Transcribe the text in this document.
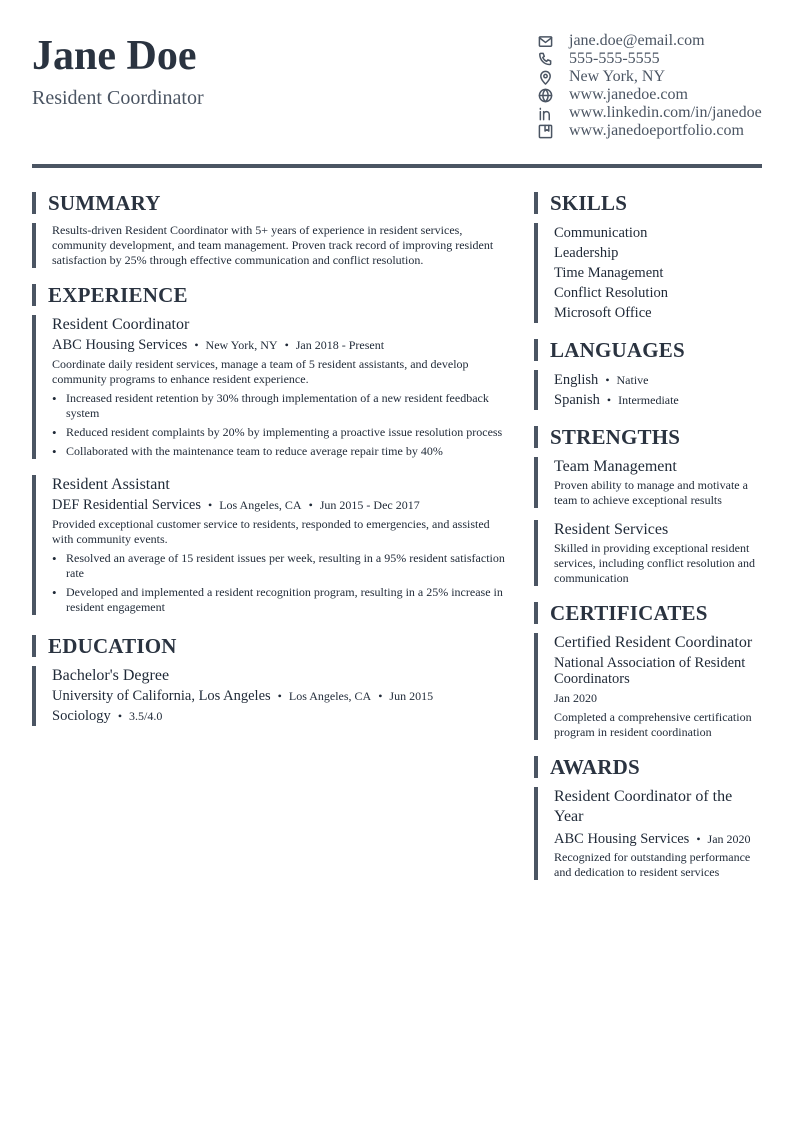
Jane Doe
Resident Coordinator
jane.doe@email.com
555-555-5555
New York, NY
www.janedoe.com
www.linkedin.com/in/janedoe
www.janedoeportfolio.com
SUMMARY
Results-driven Resident Coordinator with 5+ years of experience in resident services, community development, and team management. Proven track record of improving resident satisfaction by 25% through effective communication and conflict resolution.
EXPERIENCE
Resident Coordinator
ABC Housing Services • New York, NY • Jan 2018 - Present
Coordinate daily resident services, manage a team of 5 resident assistants, and develop community programs to enhance resident experience.
• Increased resident retention by 30% through implementation of a new resident feedback system
• Reduced resident complaints by 20% by implementing a proactive issue resolution process
• Collaborated with the maintenance team to reduce average repair time by 40%
Resident Assistant
DEF Residential Services • Los Angeles, CA • Jun 2015 - Dec 2017
Provided exceptional customer service to residents, responded to emergencies, and assisted with community events.
• Resolved an average of 15 resident issues per week, resulting in a 95% resident satisfaction rate
• Developed and implemented a resident recognition program, resulting in a 25% increase in resident engagement
EDUCATION
Bachelor's Degree
University of California, Los Angeles • Los Angeles, CA • Jun 2015
Sociology • 3.5/4.0
SKILLS
Communication
Leadership
Time Management
Conflict Resolution
Microsoft Office
LANGUAGES
English • Native
Spanish • Intermediate
STRENGTHS
Team Management
Proven ability to manage and motivate a team to achieve exceptional results
Resident Services
Skilled in providing exceptional resident services, including conflict resolution and communication
CERTIFICATES
Certified Resident Coordinator
National Association of Resident Coordinators
Jan 2020
Completed a comprehensive certification program in resident coordination
AWARDS
Resident Coordinator of the Year
ABC Housing Services • Jan 2020
Recognized for outstanding performance and dedication to resident services
